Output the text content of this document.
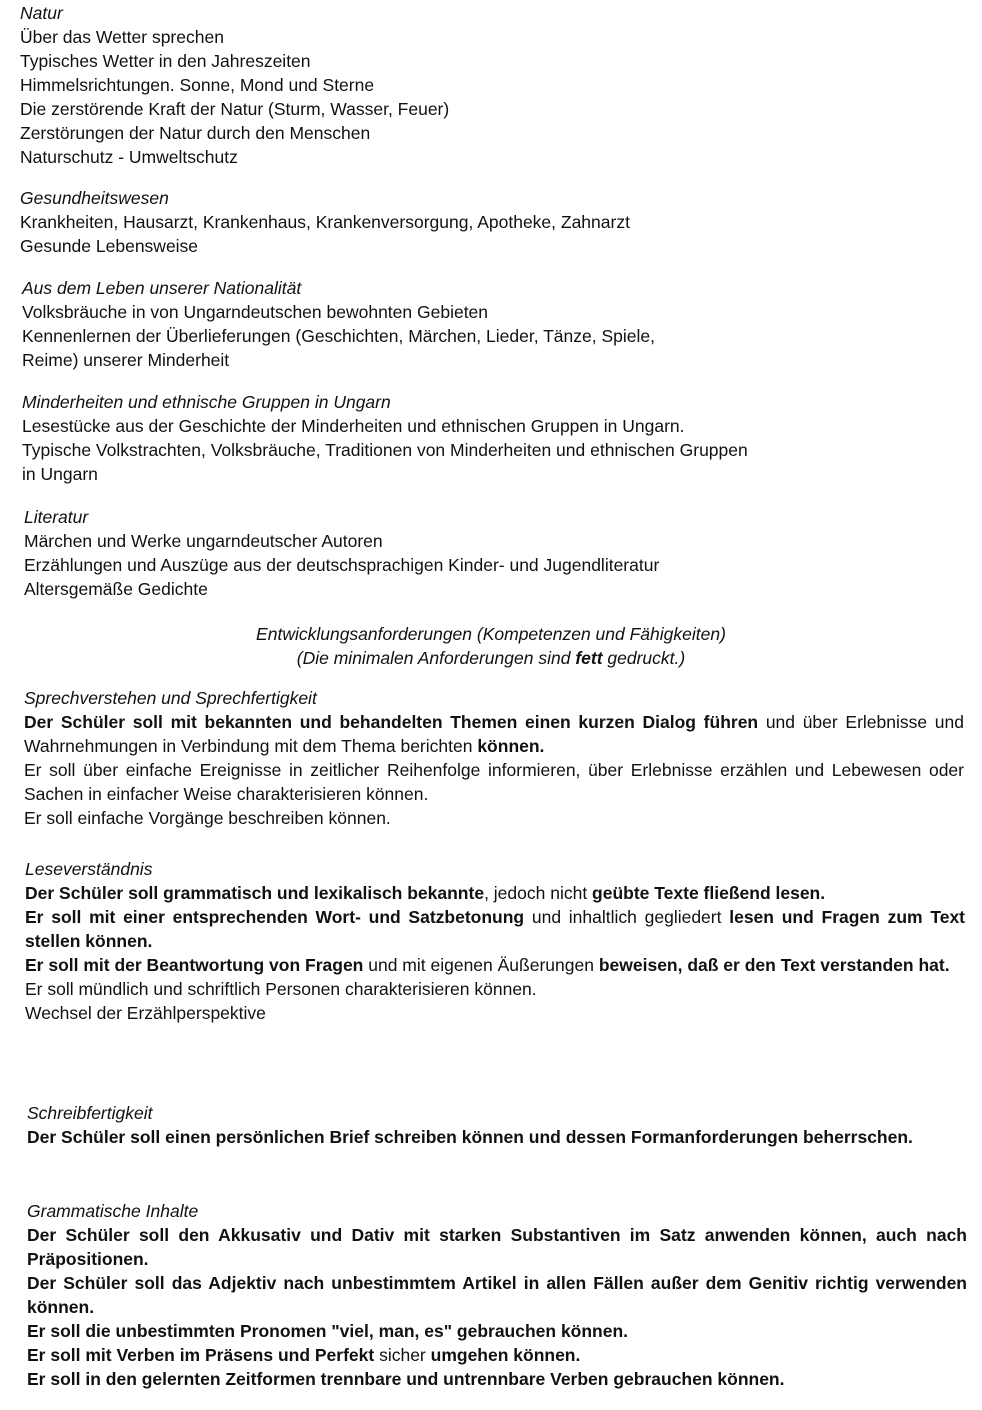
Natur
Über das Wetter sprechen
Typisches Wetter in den Jahreszeiten
Himmelsrichtungen. Sonne, Mond und Sterne
Die zerstörende Kraft der Natur (Sturm, Wasser, Feuer)
Zerstörungen der Natur durch den Menschen
Naturschutz - Umweltschutz
Gesundheitswesen
Krankheiten, Hausarzt, Krankenhaus, Krankenversorgung, Apotheke, Zahnarzt
Gesunde Lebensweise
Aus dem Leben unserer Nationalität
Volksbräuche in von Ungarndeutschen bewohnten Gebieten
Kennenlernen der Überlieferungen (Geschichten, Märchen, Lieder, Tänze, Spiele,
Reime) unserer Minderheit
Minderheiten und ethnische Gruppen in Ungarn
Lesestücke aus der Geschichte der Minderheiten und ethnischen Gruppen in Ungarn.
Typische Volkstrachten, Volksbräuche, Traditionen von Minderheiten und ethnischen Gruppen
in Ungarn
Literatur
Märchen und Werke ungarndeutscher Autoren
Erzählungen und Auszüge aus der deutschsprachigen Kinder- und Jugendliteratur
Altersgemäße Gedichte
Entwicklungsanforderungen (Kompetenzen und Fähigkeiten)
(Die minimalen Anforderungen sind fett gedruckt.)
Sprechverstehen und Sprechfertigkeit
Der Schüler soll mit bekannten und behandelten Themen einen kurzen Dialog führen und über Erlebnisse und Wahrnehmungen in Verbindung mit dem Thema berichten können.
Er soll über einfache Ereignisse in zeitlicher Reihenfolge informieren, über Erlebnisse erzählen und Lebewesen oder Sachen in einfacher Weise charakterisieren können.
Er soll einfache Vorgänge beschreiben können.
Leseverständnis
Der Schüler soll grammatisch und lexikalisch bekannte, jedoch nicht geübte Texte fließend lesen.
Er soll mit einer entsprechenden Wort- und Satzbetonung und inhaltlich gegliedert lesen und Fragen zum Text stellen können.
Er soll mit der Beantwortung von Fragen und mit eigenen Äußerungen beweisen, daß er den Text verstanden hat.
Er soll mündlich und schriftlich Personen charakterisieren können.
Wechsel der Erzählperspektive
Schreibfertigkeit
Der Schüler soll einen persönlichen Brief schreiben können und dessen Formanforderungen beherrschen.
Grammatische Inhalte
Der Schüler soll den Akkusativ und Dativ mit starken Substantiven im Satz anwenden können, auch nach Präpositionen.
Der Schüler soll das Adjektiv nach unbestimmtem Artikel in allen Fällen außer dem Genitiv richtig verwenden können.
Er soll die unbestimmten Pronomen "viel, man, es" gebrauchen können.
Er soll mit Verben im Präsens und Perfekt sicher umgehen können.
Er soll in den gelernten Zeitformen trennbare und untrennbare Verben gebrauchen können.
